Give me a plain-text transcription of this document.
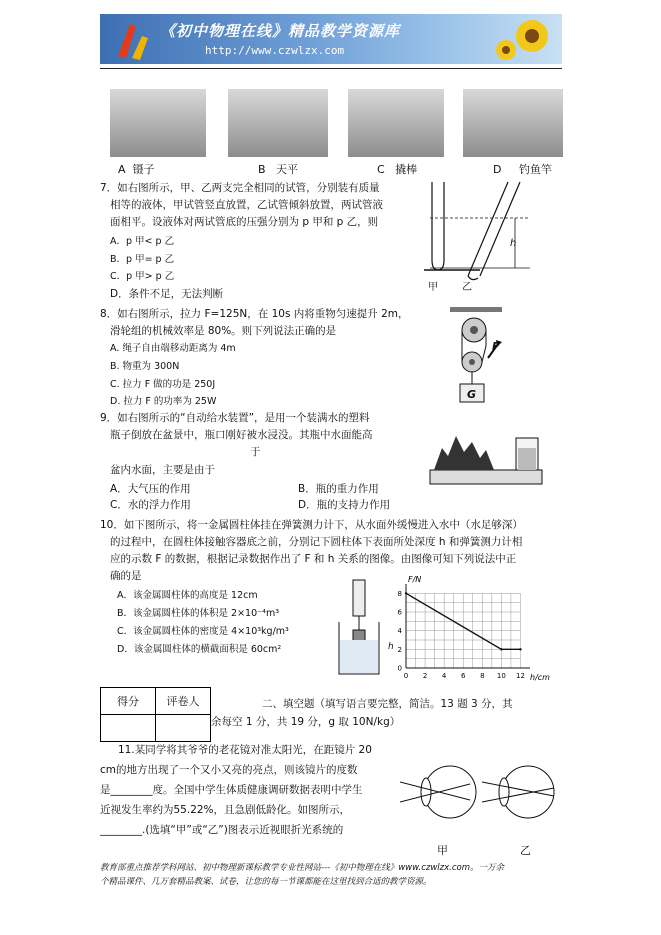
《初中物理在线》精品教学资源库
http://www.czwlzx.com
A 镊子	B 天平	C 撬棒	D 钓鱼竿
7．如右图所示，甲、乙两支完全相同的试管，分别装有质量
相等的液体，甲试管竖直放置，乙试管倾斜放置，两试管液
面相平。设液体对两试管底的压强分别为 p 甲和 p 乙，则
A．p 甲< p 乙
B．p 甲= p 乙
C．p 甲> p 乙
D．条件不足，无法判断
h
甲 乙
8．如右图所示，拉力 F=125N，在 10s 内将重物匀速提升 2m，
滑轮组的机械效率是 80%。则下列说法正确的是
A. 绳子自由端移动距离为 4m
B. 物重为 300N
C. 拉力 F 做的功是 250J
D. 拉力 F 的功率为 25W
F
G
9．如右图所示的“自动给水装置”，是用一个装满水的塑料
瓶子倒放在盆景中，瓶口刚好被水浸没。其瓶中水面能高
于
盆内水面，主要是由于
A．大气压的作用	B．瓶的重力作用
C．水的浮力作用	D．瓶的支持力作用
10．如下图所示，将一金属圆柱体挂在弹簧测力计下，从水面外缓慢进入水中（水足够深）
的过程中，在圆柱体接触容器底之前，分别记下圆柱体下表面所处深度 h 和弹簧测力计相
应的示数 F 的数据，根据记录数据作出了 F 和 h 关系的图像。由图像可知下列说法中正
确的是
A．该金属圆柱体的高度是 12cm
B．该金属圆柱体的体积是 2×10⁻⁴m³
C．该金属圆柱体的密度是 4×10³kg/m³
D．该金属圆柱体的横截面积是 60cm²	h
0 2 4 6 8 10 12
0
2
4
6
8
F/N
h/cm
得分	评卷人
		二、填空题（填写语言要完整，简洁。13 题 3 分，其
余每空 1 分，共 19 分，g 取 10N/kg）
11.某同学将其爷爷的老花镜对准太阳光，在距镜片 20
cm的地方出现了一个又小又亮的亮点，则该镜片的度数
是________度。全国中学生体质健康调研数据表明中学生
近视发生率约为55.22%，且急剧低龄化。如图所示，
________.(选填“甲”或“乙”)图表示近视眼折光系统的
甲	乙
教育部重点推荐学科网站、初中物理新课标教学专业性网站---《初中物理在线》www.czwlzx.com。一万余
个精品课件、几万套精品教案、试卷，让您的每一节课都能在这里找到合适的教学资源。
